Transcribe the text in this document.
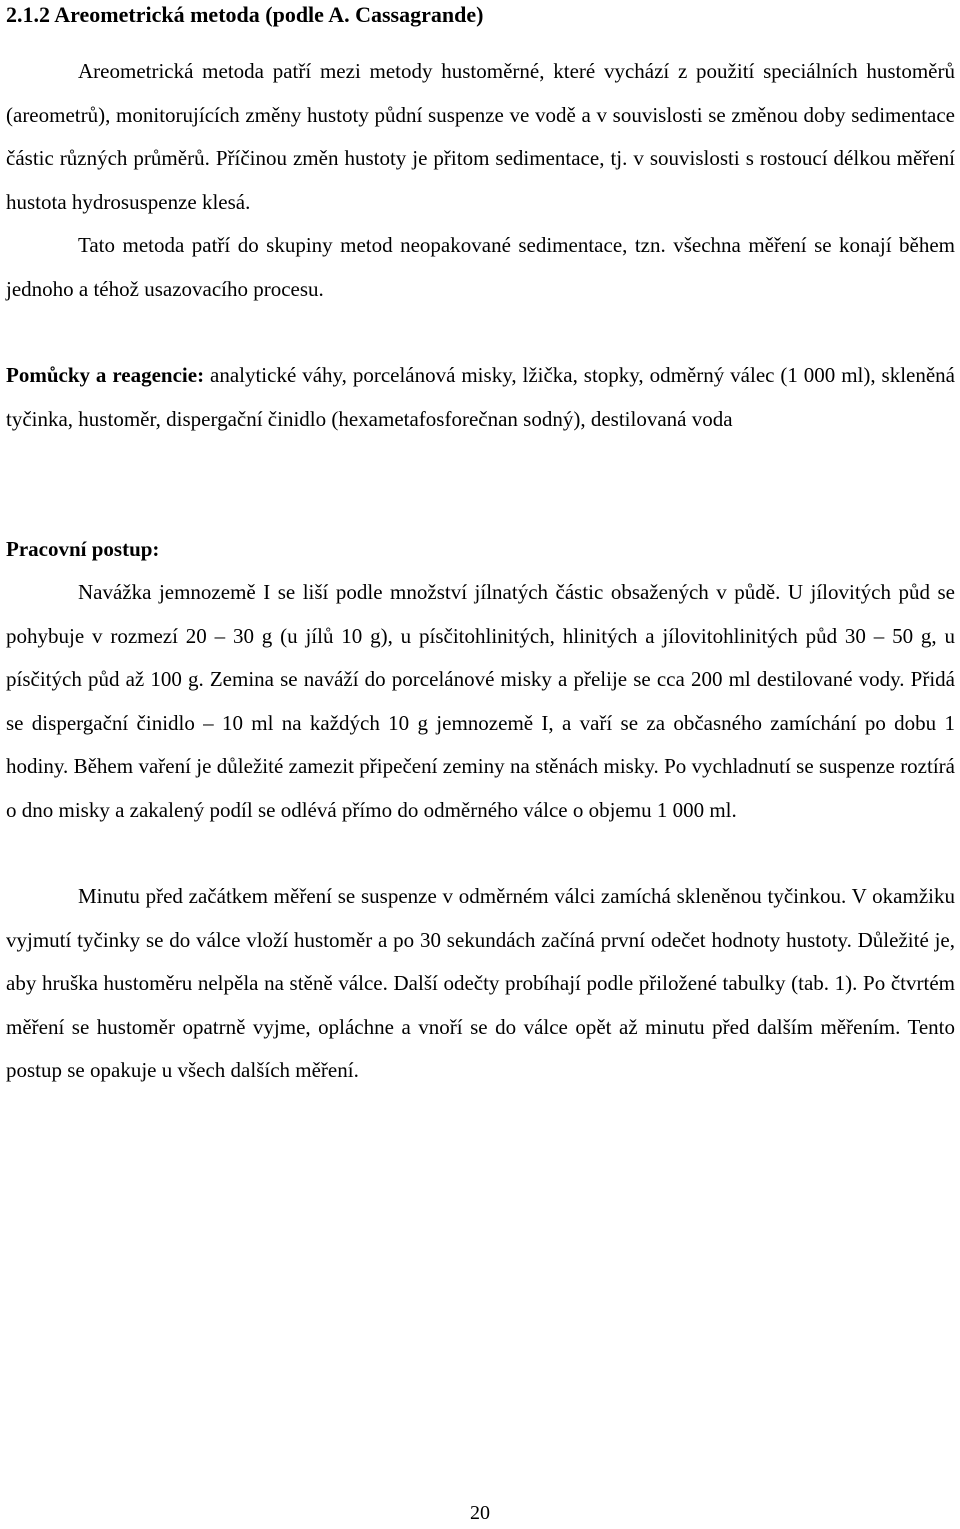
2.1.2 Areometrická metoda (podle A. Cassagrande)

Areometrická metoda patří mezi metody hustoměrné, které vychází z použití speciálních hustoměrů (areometrů), monitorujících změny hustoty půdní suspenze ve vodě a v souvislosti se změnou doby sedimentace částic různých průměrů. Příčinou změn hustoty je přitom sedimentace, tj. v souvislosti s rostoucí délkou měření hustota hydrosuspenze klesá.

Tato metoda patří do skupiny metod neopakované sedimentace, tzn. všechna měření se konají během jednoho a téhož usazovacího procesu.

Pomůcky a reagencie: analytické váhy, porcelánová misky, lžička, stopky, odměrný válec (1 000 ml), skleněná tyčinka, hustoměr, dispergační činidlo (hexametafosforečnan sodný), destilovaná voda

Pracovní postup:

Navážka jemnozemě I se liší podle množství jílnatých částic obsažených v půdě. U jílovitých půd se pohybuje v rozmezí 20 – 30 g (u jílů 10 g), u písčitohlinitých, hlinitých a jílovitohlinitých půd 30 – 50 g, u písčitých půd až 100 g. Zemina se naváží do porcelánové misky a přelije se cca 200 ml destilované vody. Přidá se dispergační činidlo – 10 ml na každých 10 g jemnozemě I, a vaří se za občasného zamíchání po dobu 1 hodiny. Během vaření je důležité zamezit připečení zeminy na stěnách misky. Po vychladnutí se suspenze roztírá o dno misky a zakalený podíl se odlévá přímo do odměrného válce o objemu 1 000 ml.

Minutu před začátkem měření se suspenze v odměrném válci zamíchá skleněnou tyčinkou. V okamžiku vyjmutí tyčinky se do válce vloží hustoměr a po 30 sekundách začíná první odečet hodnoty hustoty. Důležité je, aby hruška hustoměru nelpěla na stěně válce. Další odečty probíhají podle přiložené tabulky (tab. 1). Po čtvrtém měření se hustoměr opatrně vyjme, opláchne a vnoří se do válce opět až minutu před dalším měřením. Tento postup se opakuje u všech dalších měření.

20
